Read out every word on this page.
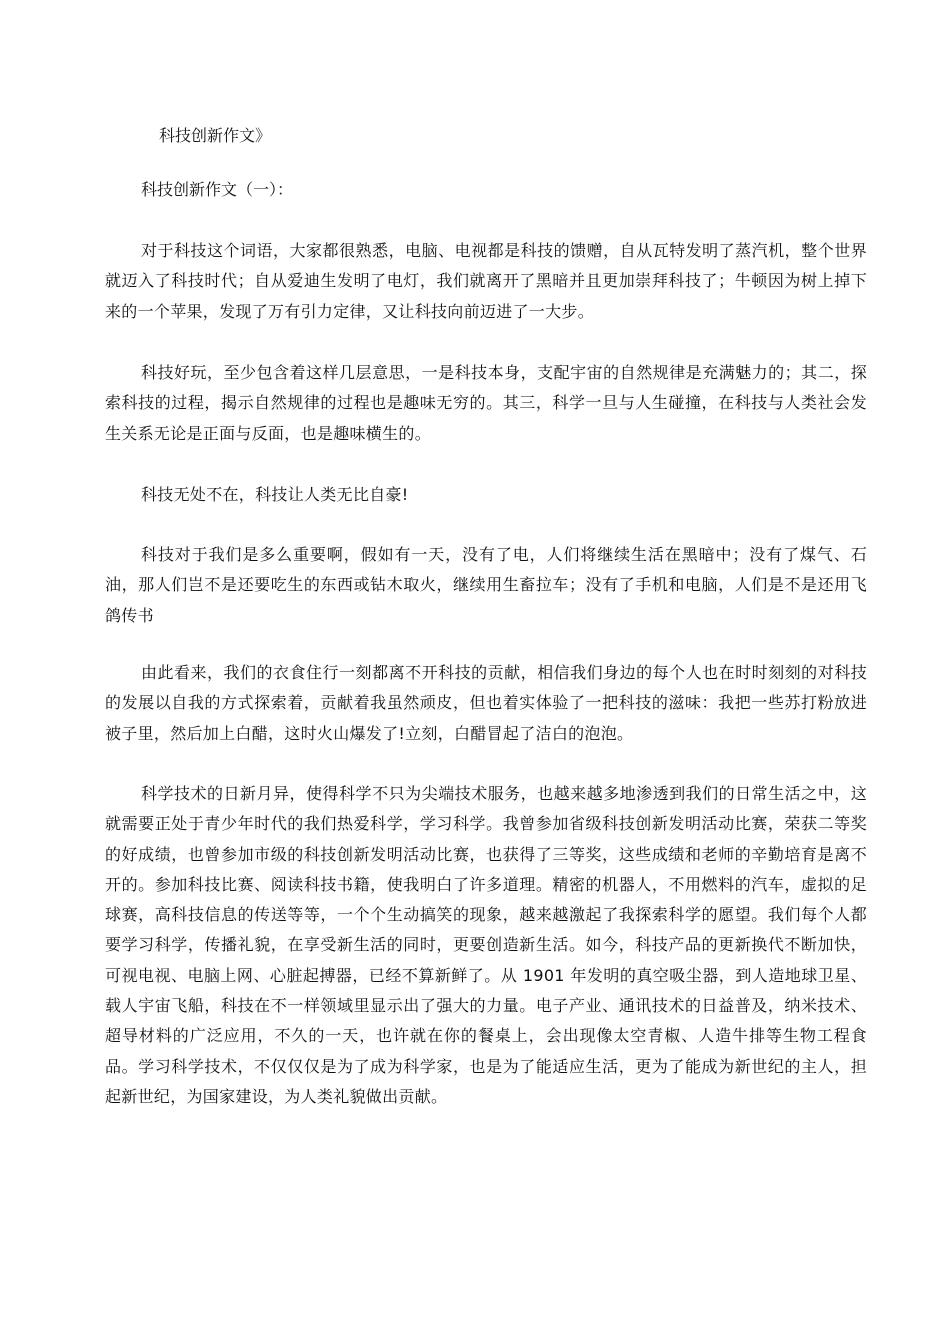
科技创新作文》
科技创新作文（一）：

对于科技这个词语，大家都很熟悉，电脑、电视都是科技的馈赠，自从瓦特发明了蒸汽机，整个世界就迈入了科技时代；自从爱迪生发明了电灯，我们就离开了黑暗并且更加崇拜科技了；牛顿因为树上掉下来的一个苹果，发现了万有引力定律，又让科技向前迈进了一大步。

科技好玩，至少包含着这样几层意思，一是科技本身，支配宇宙的自然规律是充满魅力的；其二，探索科技的过程，揭示自然规律的过程也是趣味无穷的。其三，科学一旦与人生碰撞，在科技与人类社会发生关系无论是正面与反面，也是趣味横生的。

科技无处不在，科技让人类无比自豪!

科技对于我们是多么重要啊，假如有一天，没有了电，人们将继续生活在黑暗中；没有了煤气、石油，那人们岂不是还要吃生的东西或钻木取火，继续用生畜拉车；没有了手机和电脑，人们是不是还用飞鸽传书

由此看来，我们的衣食住行一刻都离不开科技的贡献，相信我们身边的每个人也在时时刻刻的对科技的发展以自我的方式探索着，贡献着我虽然顽皮，但也着实体验了一把科技的滋味：我把一些苏打粉放进被子里，然后加上白醋，这时火山爆发了!立刻，白醋冒起了洁白的泡泡。

科学技术的日新月异，使得科学不只为尖端技术服务，也越来越多地渗透到我们的日常生活之中，这就需要正处于青少年时代的我们热爱科学，学习科学。我曾参加省级科技创新发明活动比赛，荣获二等奖的好成绩，也曾参加市级的科技创新发明活动比赛，也获得了三等奖，这些成绩和老师的辛勤培育是离不开的。参加科技比赛、阅读科技书籍，使我明白了许多道理。精密的机器人，不用燃料的汽车，虚拟的足球赛，高科技信息的传送等等，一个个生动搞笑的现象，越来越激起了我探索科学的愿望。我们每个人都要学习科学，传播礼貌，在享受新生活的同时，更要创造新生活。如今，科技产品的更新换代不断加快，可视电视、电脑上网、心脏起搏器，已经不算新鲜了。从 1901 年发明的真空吸尘器，到人造地球卫星、载人宇宙飞船，科技在不一样领域里显示出了强大的力量。电子产业、通讯技术的日益普及，纳米技术、超导材料的广泛应用，不久的一天，也许就在你的餐桌上，会出现像太空青椒、人造牛排等生物工程食品。学习科学技术，不仅仅仅是为了成为科学家，也是为了能适应生活，更为了能成为新世纪的主人，担起新世纪，为国家建设，为人类礼貌做出贡献。
